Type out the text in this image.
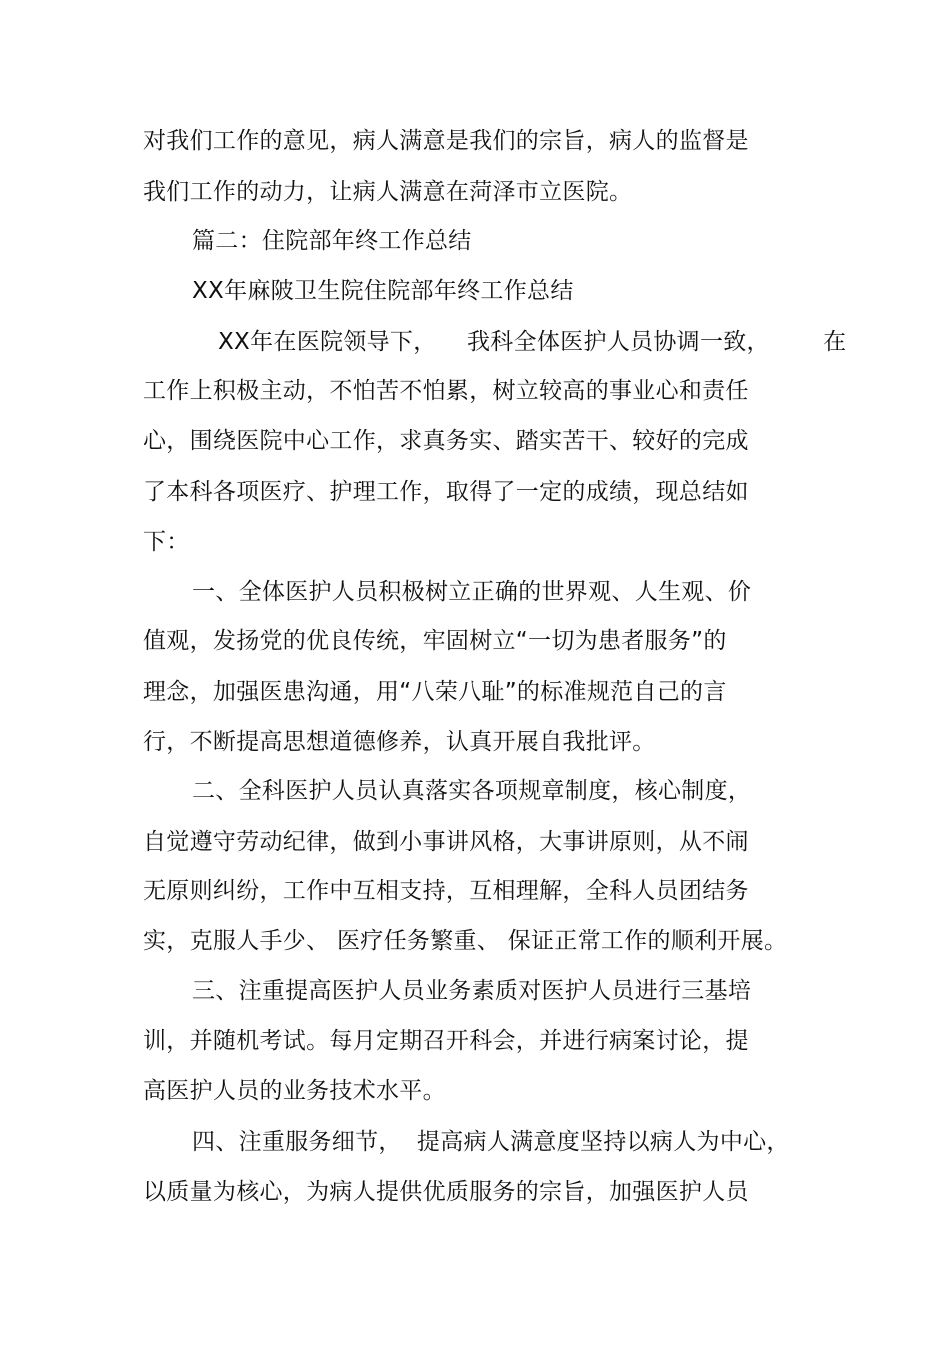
对我们工作的意见，病人满意是我们的宗旨，病人的监督是
我们工作的动力，让病人满意在菏泽市立医院。
篇二：住院部年终工作总结
XX年麻陂卫生院住院部年终工作总结
XX年在医院领导下，    我科全体医护人员协调一致，       在
工作上积极主动，不怕苦不怕累，树立较高的事业心和责任
心，围绕医院中心工作，求真务实、踏实苦干、较好的完成
了本科各项医疗、护理工作，取得了一定的成绩，现总结如
下：
一、全体医护人员积极树立正确的世界观、人生观、价
值观，发扬党的优良传统，牢固树立“一切为患者服务”的
理念，加强医患沟通，用“八荣八耻”的标准规范自己的言
行，不断提高思想道德修养，认真开展自我批评。
二、全科医护人员认真落实各项规章制度，核心制度，
自觉遵守劳动纪律，做到小事讲风格，大事讲原则，从不闹
无原则纠纷，工作中互相支持，互相理解，全科人员团结务
实，克服人手少、 医疗任务繁重、 保证正常工作的顺利开展。
三、注重提高医护人员业务素质对医护人员进行三基培
训，并随机考试。每月定期召开科会，并进行病案讨论，提
高医护人员的业务技术水平。
四、注重服务细节，  提高病人满意度坚持以病人为中心，
以质量为核心，为病人提供优质服务的宗旨，加强医护人员
